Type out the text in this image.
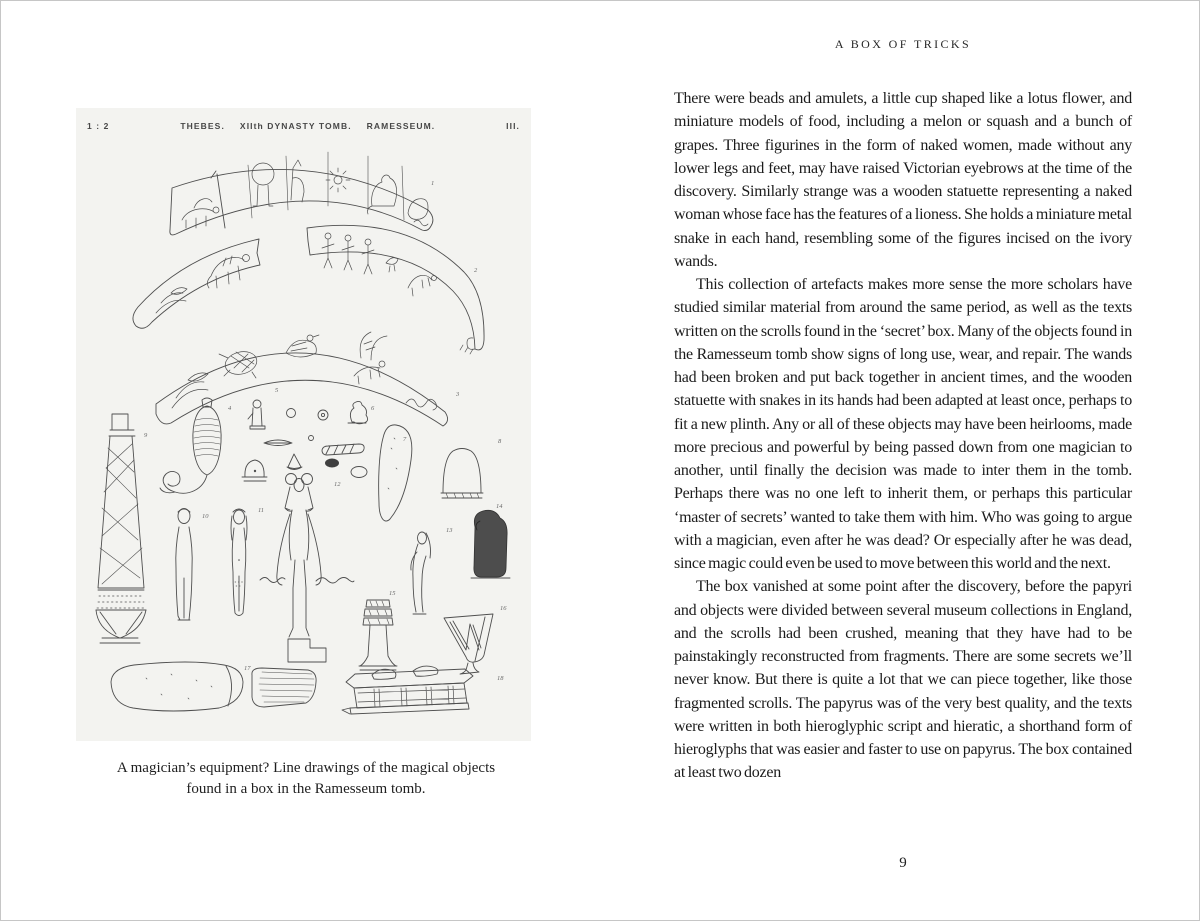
1
2
3
4
5
6
7	8
9
10
11
12
13
14
15
16
17
18
1 : 2	THEBES. XIIth DYNASTY TOMB. RAMESSEUM.	III.
A magician’s equipment? Line drawings of the magical objects found in a box in the Ramesseum tomb.
A BOX OF TRICKS

There were beads and amulets, a little cup shaped like a lotus flower, and miniature models of food, including a melon or squash and a bunch of grapes. Three figurines in the form of naked women, made without any lower legs and feet, may have raised Victorian eyebrows at the time of the discovery. Similarly strange was a wooden statuette representing a naked woman whose face has the features of a lioness. She holds a miniature metal snake in each hand, resembling some of the figures incised on the ivory wands.

This collection of artefacts makes more sense the more scholars have studied similar material from around the same period, as well as the texts written on the scrolls found in the ‘secret’ box. Many of the objects found in the Ramesseum tomb show signs of long use, wear, and repair. The wands had been broken and put back together in ancient times, and the wooden statuette with snakes in its hands had been adapted at least once, perhaps to fit a new plinth. Any or all of these objects may have been heirlooms, made more precious and powerful by being passed down from one magician to another, until finally the decision was made to inter them in the tomb. Perhaps there was no one left to inherit them, or perhaps this particular ‘master of secrets’ wanted to take them with him. Who was going to argue with a magician, even after he was dead? Or especially after he was dead, since magic could even be used to move between this world and the next.

The box vanished at some point after the discovery, before the papyri and objects were divided between several museum collections in England, and the scrolls had been crushed, meaning that they have had to be painstakingly reconstructed from fragments. There are some secrets we’ll never know. But there is quite a lot that we can piece together, like those fragmented scrolls. The papyrus was of the very best quality, and the texts were written in both hieroglyphic script and hieratic, a shorthand form of hieroglyphs that was easier and faster to use on papyrus. The box contained at least two dozen

9
